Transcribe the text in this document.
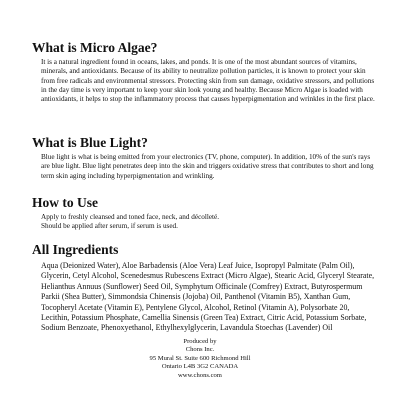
What is Micro Algae?

It is a natural ingredient found in oceans, lakes, and ponds. It is one of the most abundant sources of vitamins, minerals, and antioxidants. Because of its ability to neutralize pollution particles, it is known to protect your skin from free radicals and environmental stressors. Protecting skin from sun damage, oxidative stressors, and pollutions in the day time is very important to keep your skin look young and healthy. Because Micro Algae is loaded with antioxidants, it helps to stop the inflammatory process that causes hyperpigmentation and wrinkles in the first place.

What is Blue Light?

Blue light is what is being emitted from your electronics (TV, phone, computer). In addition, 10% of the sun's rays are blue light. Blue light penetrates deep into the skin and triggers oxidative stress that contributes to short and long term skin aging including hyperpigmentation and wrinkling.

How to Use

Apply to freshly cleansed and toned face, neck, and décolleté.

Should be applied after serum, if serum is used.

All Ingredients

Aqua (Deionized Water), Aloe Barbadensis (Aloe Vera) Leaf Juice, Isopropyl Palmitate (Palm Oil), Glycerin, Cetyl Alcohol, Scenedesmus Rubescens Extract (Micro Algae), Stearic Acid, Glyceryl Stearate, Helianthus Annuus (Sunflower) Seed Oil, Symphytum Officinale (Comfrey) Extract, Butyrospermum Parkii (Shea Butter), Simmondsia Chinensis (Jojoba) Oil, Panthenol (Vitamin B5), Xanthan Gum, Tocopheryl Acetate (Vitamin E), Pentylene Glycol, Alcohol, Retinol (Vitamin A), Polysorbate 20, Lecithin, Potassium Phosphate, Camellia Sinensis (Green Tea) Extract, Citric Acid, Potassium Sorbate, Sodium Benzoate, Phenoxyethanol, Ethylhexylglycerin, Lavandula Stoechas (Lavender) Oil

Produced by
Chons Inc.
95 Mural St. Suite 600 Richmond Hill
Ontario L4B 3G2 CANADA
www.chons.com
